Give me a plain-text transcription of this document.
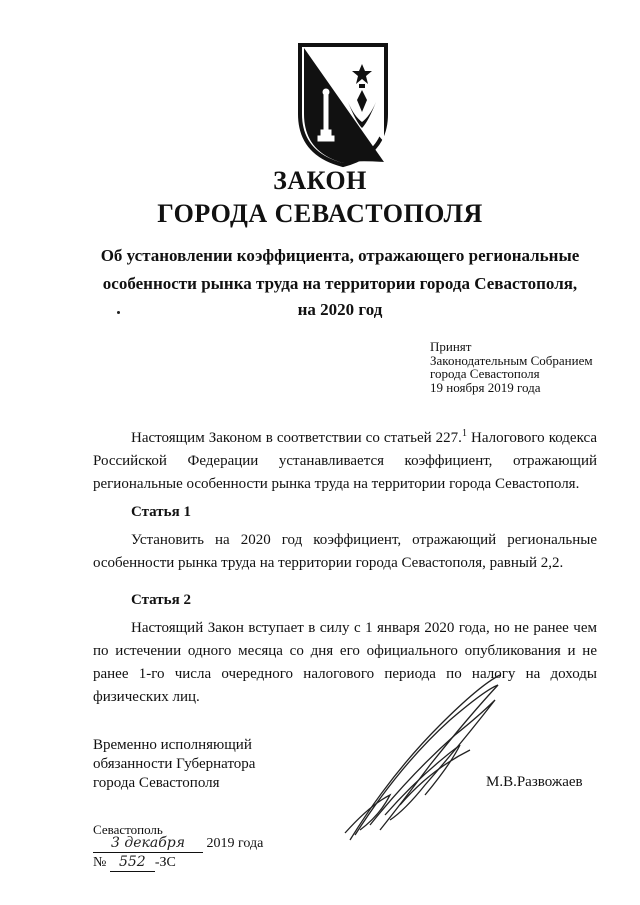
ЗАКОН
ГОРОДА СЕВАСТОПОЛЯ
Об установлении коэффициента, отражающего региональные
особенности рынка труда на территории города Севастополя,
на 2020 год
Принят
Законодательным Собранием
города Севастополя
19 ноября 2019 года
Настоящим Законом в соответствии со статьей 227.$^1$ Налогового кодекса Российской Федерации устанавливается коэффициент, отражающий региональные особенности рынка труда на территории города Севастополя.
Статья 1
Установить на 2020 год коэффициент, отражающий региональные особенности рынка труда на территории города Севастополя, равный 2,2.
Статья 2
Настоящий Закон вступает в силу с 1 января 2020 года, но не ранее чем по истечении одного месяца со дня его официального опубликования и не ранее 1-го числа очередного налогового периода по налогу на доходы физических лиц.
Временно исполняющий
обязанности Губернатора
города Севастополя	М.В.Развожаев
Севастополь
3 декабря 2019 года
№ 552 -ЗС
